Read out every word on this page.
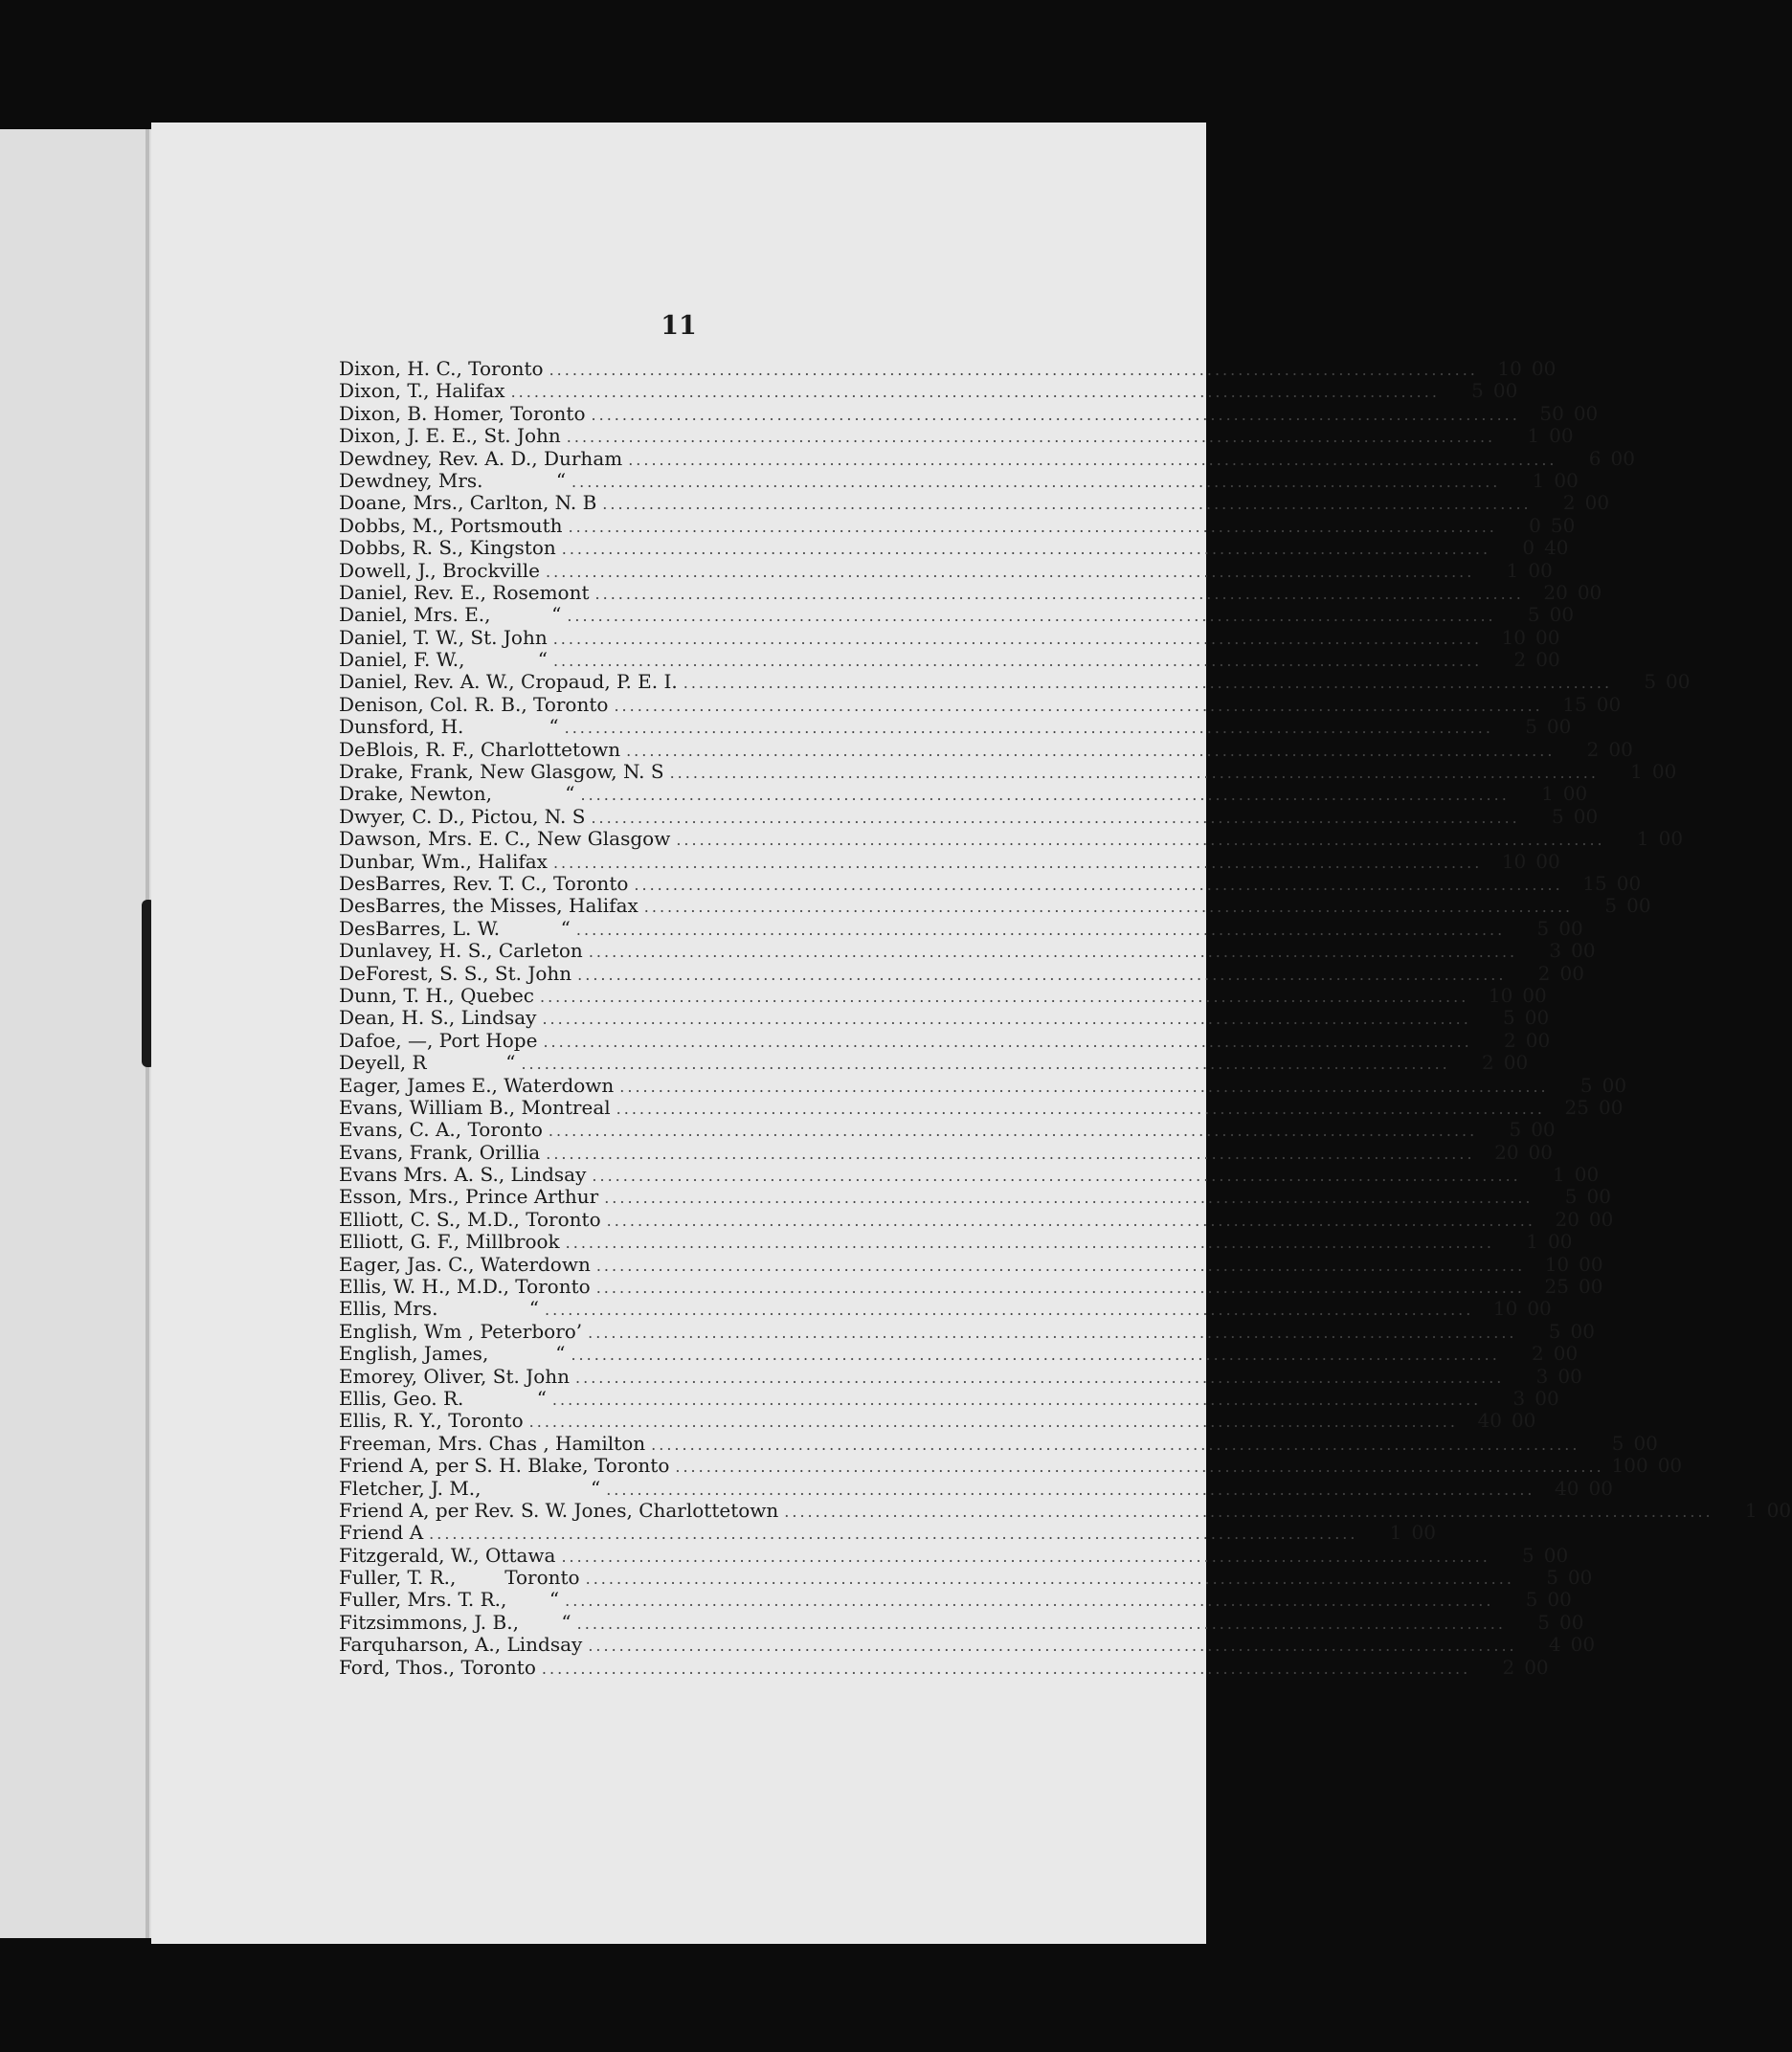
11
Dixon, H. C., Toronto ........................................................................................................................	10 00
Dixon, T., Halifax ........................................................................................................................	5 00
Dixon, B. Homer, Toronto ........................................................................................................................	50 00
Dixon, J. E. E., St. John ........................................................................................................................	1 00
Dewdney, Rev. A. D., Durham ........................................................................................................................	6 00
Dewdney, Mrs.            “ ........................................................................................................................	1 00
Doane, Mrs., Carlton, N. B ........................................................................................................................	2 00
Dobbs, M., Portsmouth ........................................................................................................................	0 50
Dobbs, R. S., Kingston ........................................................................................................................	0 40
Dowell, J., Brockville ........................................................................................................................	1 00
Daniel, Rev. E., Rosemont ........................................................................................................................	20 00
Daniel, Mrs. E.,          “ ........................................................................................................................	5 00
Daniel, T. W., St. John ........................................................................................................................	10 00
Daniel, F. W.,            “ ........................................................................................................................	2 00
Daniel, Rev. A. W., Cropaud, P. E. I. ........................................................................................................................	5 00
Denison, Col. R. B., Toronto ........................................................................................................................	15 00
Dunsford, H.              “ ........................................................................................................................	5 00
DeBlois, R. F., Charlottetown ........................................................................................................................	2 00
Drake, Frank, New Glasgow, N. S ........................................................................................................................	1 00
Drake, Newton,            “ ........................................................................................................................	1 00
Dwyer, C. D., Pictou, N. S ........................................................................................................................	5 00
Dawson, Mrs. E. C., New Glasgow ........................................................................................................................	1 00
Dunbar, Wm., Halifax ........................................................................................................................	10 00
DesBarres, Rev. T. C., Toronto ........................................................................................................................	15 00
DesBarres, the Misses, Halifax ........................................................................................................................	5 00
DesBarres, L. W.          “ ........................................................................................................................	5 00
Dunlavey, H. S., Carleton ........................................................................................................................	3 00
DeForest, S. S., St. John ........................................................................................................................	2 00
Dunn, T. H., Quebec ........................................................................................................................	10 00
Dean, H. S., Lindsay ........................................................................................................................	5 00
Dafoe, —, Port Hope ........................................................................................................................	2 00
Deyell, R             “ ........................................................................................................................	2 00
Eager, James E., Waterdown ........................................................................................................................	5 00
Evans, William B., Montreal ........................................................................................................................	25 00
Evans, C. A., Toronto ........................................................................................................................	5 00
Evans, Frank, Orillia ........................................................................................................................	20 00
Evans Mrs. A. S., Lindsay ........................................................................................................................	1 00
Esson, Mrs., Prince Arthur ........................................................................................................................	5 00
Elliott, C. S., M.D., Toronto ........................................................................................................................	20 00
Elliott, G. F., Millbrook ........................................................................................................................	1 00
Eager, Jas. C., Waterdown ........................................................................................................................	10 00
Ellis, W. H., M.D., Toronto ........................................................................................................................	25 00
Ellis, Mrs.               “ ........................................................................................................................	10 00
English, Wm , Peterboro’ ........................................................................................................................	5 00
English, James,           “ ........................................................................................................................	2 00
Emorey, Oliver, St. John ........................................................................................................................	3 00
Ellis, Geo. R.            “ ........................................................................................................................	3 00
Ellis, R. Y., Toronto ........................................................................................................................	40 00
Freeman, Mrs. Chas , Hamilton ........................................................................................................................	5 00
Friend A, per S. H. Blake, Toronto ........................................................................................................................ 100 00
Fletcher, J. M.,                  “ ........................................................................................................................	40 00
Friend A, per Rev. S. W. Jones, Charlottetown ........................................................................................................................	1 00
Friend A ........................................................................................................................	1 00
Fitzgerald, W., Ottawa ........................................................................................................................	5 00
Fuller, T. R.,        Toronto ........................................................................................................................	5 00
Fuller, Mrs. T. R.,       “ ........................................................................................................................	5 00
Fitzsimmons, J. B.,       “ ........................................................................................................................	5 00
Farquharson, A., Lindsay ........................................................................................................................	4 00
Ford, Thos., Toronto ........................................................................................................................	2 00
